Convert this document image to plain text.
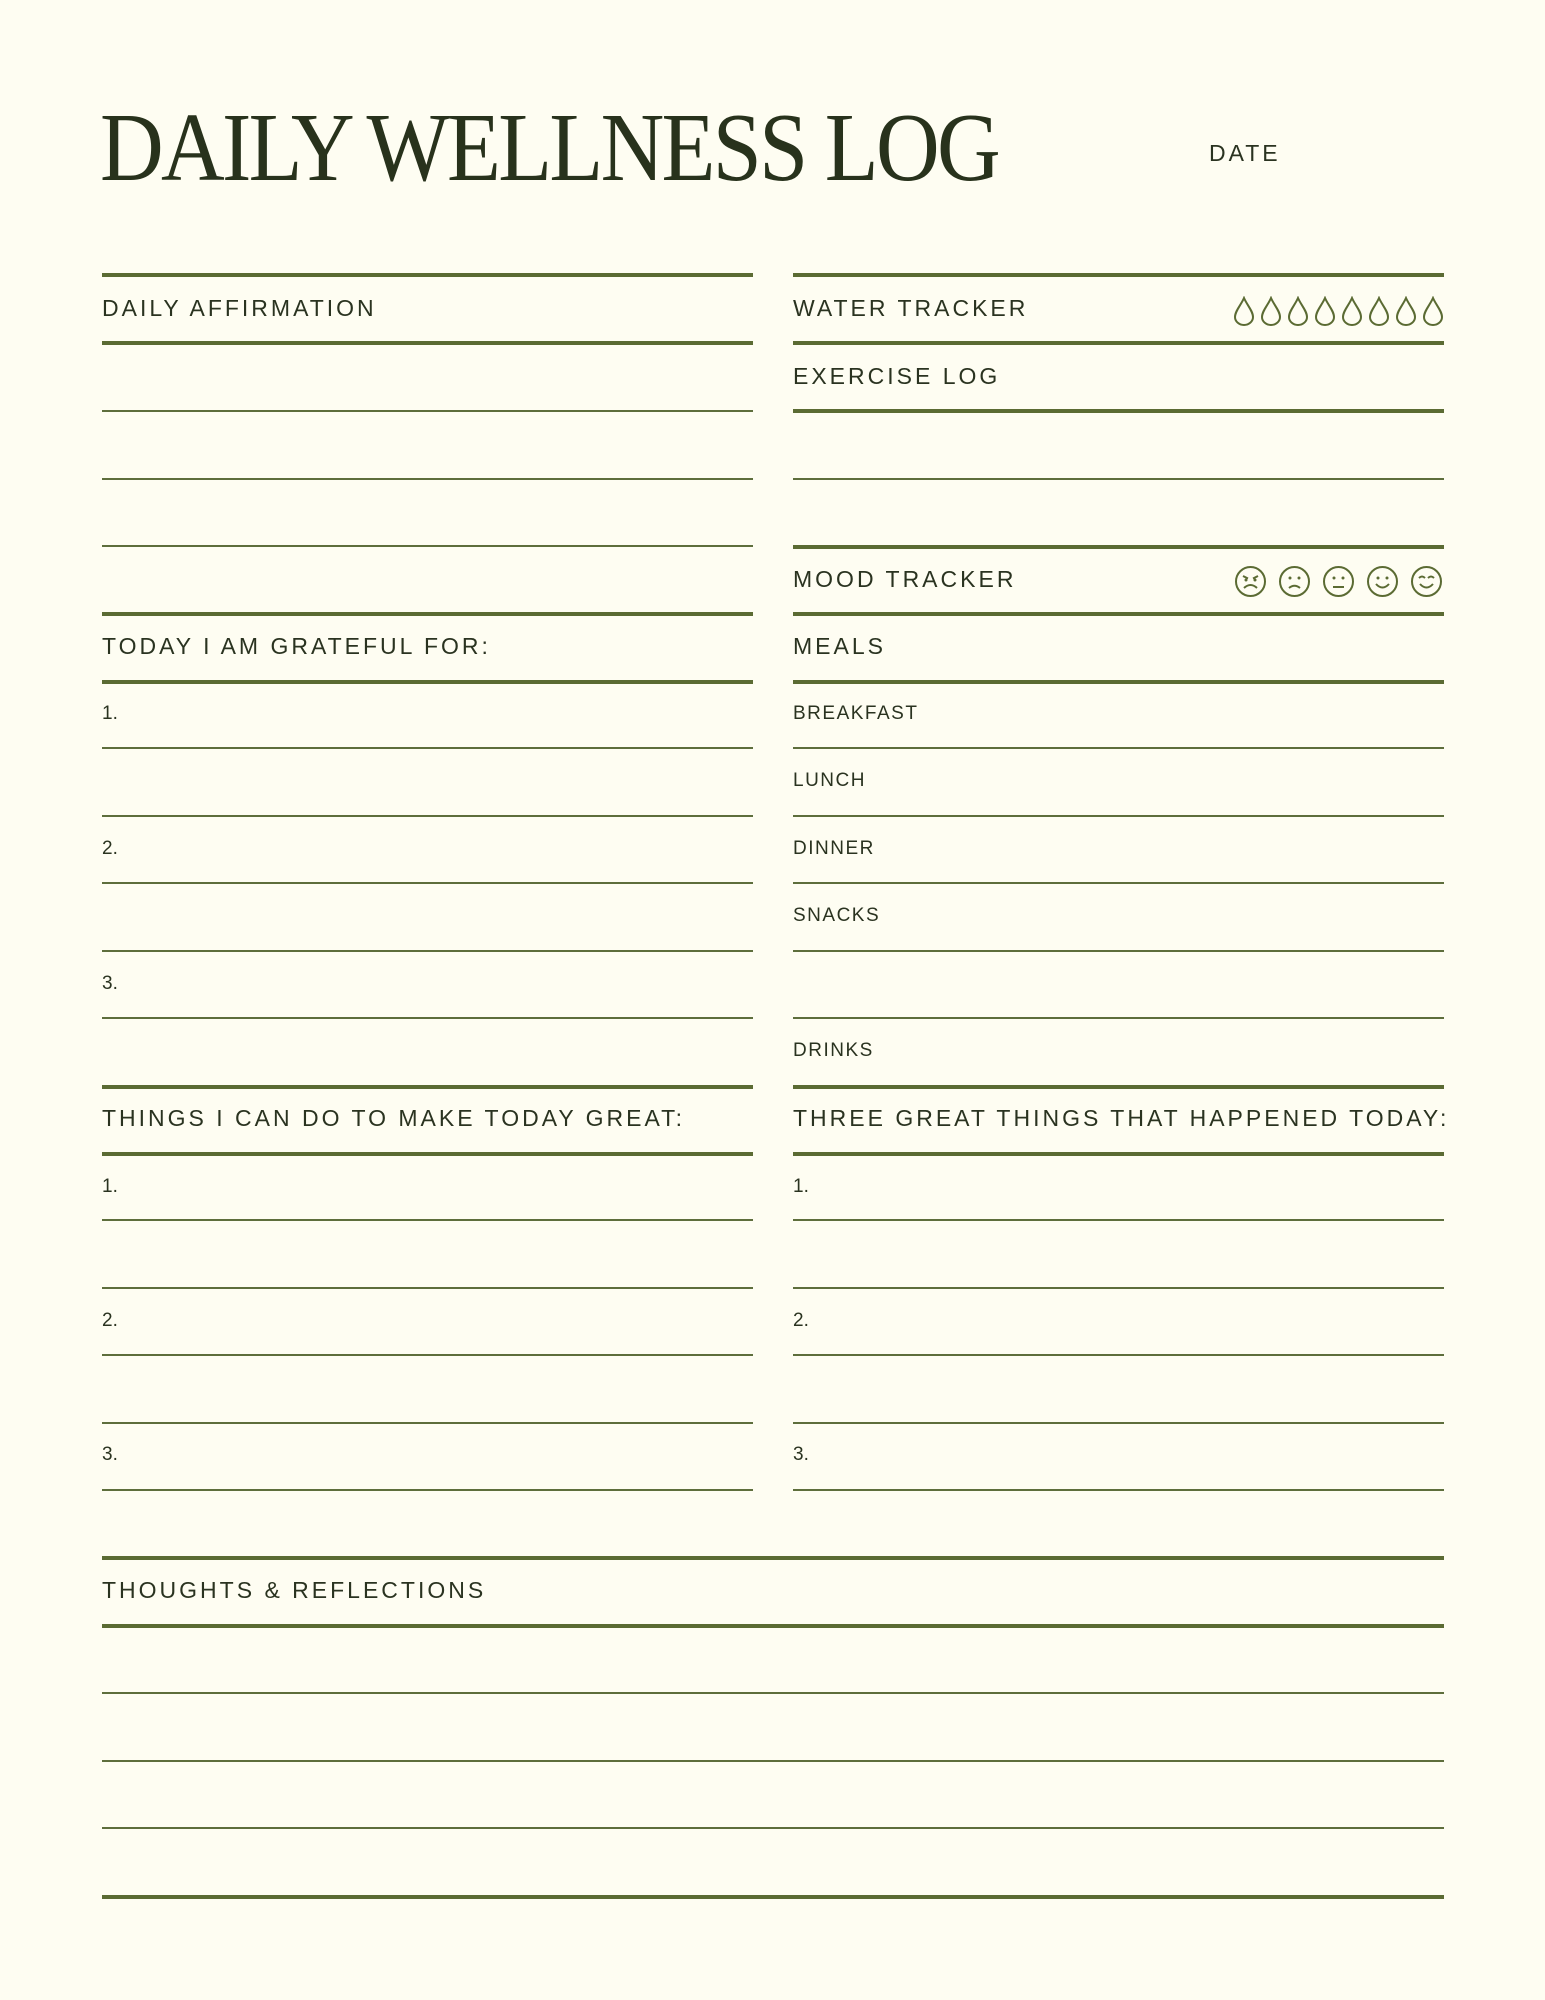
DAILY WELLNESS LOG	DATE
DAILY AFFIRMATION
TODAY I AM GRATEFUL FOR:
1.
2.
3.
THINGS I CAN DO TO MAKE TODAY GREAT:
1.
2.
3.
WATER TRACKER
EXERCISE LOG
MOOD TRACKER
MEALS
BREAKFAST
LUNCH
DINNER
SNACKS
DRINKS
THREE GREAT THINGS THAT HAPPENED TODAY:
1.
2.
3.
THOUGHTS & REFLECTIONS
